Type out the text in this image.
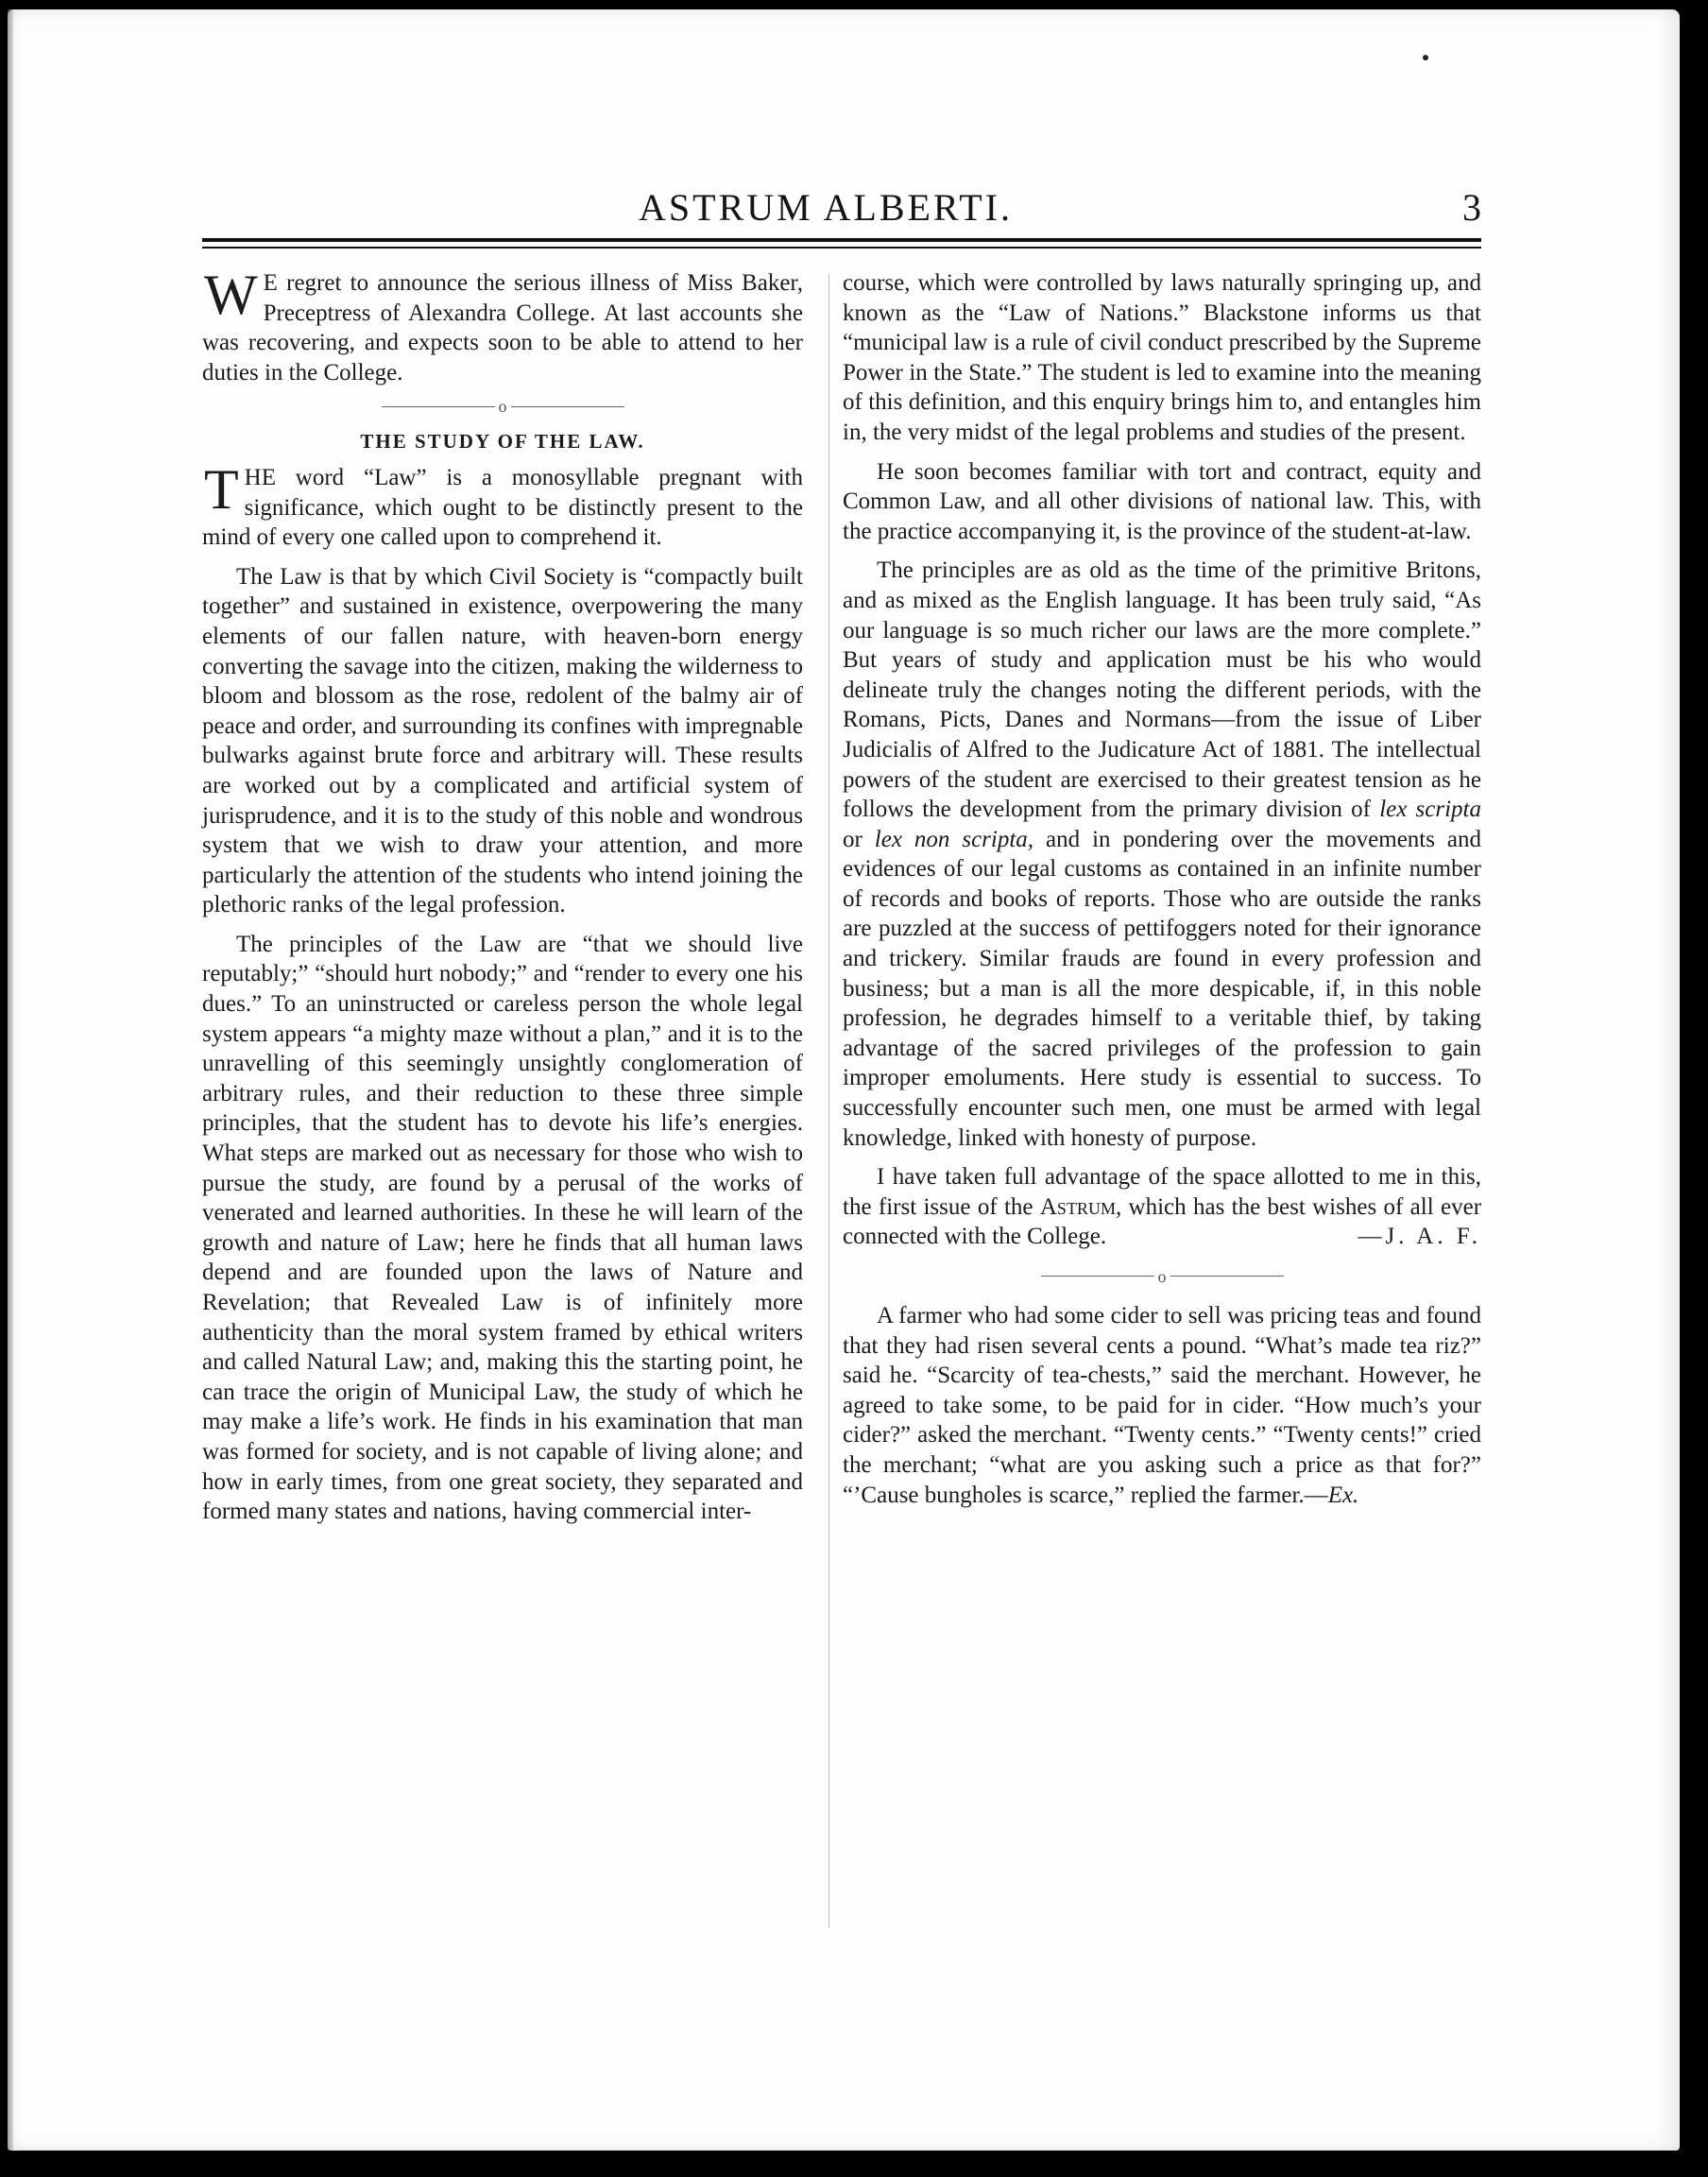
ASTRUM ALBERTI.	3

W E regret to announce the serious illness of Miss Baker, Preceptress of Alexandra College. At last accounts she was recovering, and expects soon to be able to attend to her duties in the College.

o
THE STUDY OF THE LAW.

THE word “Law” is a monosyllable pregnant with significance, which ought to be distinctly present to the mind of every one called upon to comprehend it.

The Law is that by which Civil Society is “compactly built together” and sustained in existence, overpowering the many elements of our fallen nature, with heaven-born energy converting the savage into the citizen, making the wilderness to bloom and blossom as the rose, redolent of the balmy air of peace and order, and surrounding its confines with impregnable bulwarks against brute force and arbitrary will. These results are worked out by a complicated and artificial system of jurisprudence, and it is to the study of this noble and wondrous system that we wish to draw your attention, and more particularly the attention of the students who intend joining the plethoric ranks of the legal profession.

The principles of the Law are “that we should live reputably;” “should hurt nobody;” and “render to every one his dues.” To an uninstructed or careless person the whole legal system appears “a mighty maze without a plan,” and it is to the unravelling of this seemingly unsightly conglomeration of arbitrary rules, and their reduction to these three simple principles, that the student has to devote his life’s energies. What steps are marked out as necessary for those who wish to pursue the study, are found by a perusal of the works of venerated and learned authorities. In these he will learn of the growth and nature of Law; here he finds that all human laws depend and are founded upon the laws of Nature and Revelation; that Revealed Law is of infinitely more authenticity than the moral system framed by ethical writers and called Natural Law; and, making this the starting point, he can trace the origin of Municipal Law, the study of which he may make a life’s work. He finds in his examination that man was formed for society, and is not capable of living alone; and how in early times, from one great society, they separated and formed many states and nations, having commercial inter-

course, which were controlled by laws naturally springing up, and known as the “Law of Nations.” Blackstone informs us that “municipal law is a rule of civil conduct prescribed by the Supreme Power in the State.” The student is led to examine into the meaning of this definition, and this enquiry brings him to, and entangles him in, the very midst of the legal problems and studies of the present.

He soon becomes familiar with tort and contract, equity and Common Law, and all other divisions of national law. This, with the practice accompanying it, is the province of the student-at-law.

The principles are as old as the time of the primitive Britons, and as mixed as the English language. It has been truly said, “As our language is so much richer our laws are the more complete.” But years of study and application must be his who would delineate truly the changes noting the different periods, with the Romans, Picts, Danes and Normans—from the issue of Liber Judicialis of Alfred to the Judicature Act of 1881. The intellectual powers of the student are exercised to their greatest tension as he follows the development from the primary division of lex scripta or lex non scripta, and in pondering over the movements and evidences of our legal customs as contained in an infinite number of records and books of reports. Those who are outside the ranks are puzzled at the success of pettifoggers noted for their ignorance and trickery. Similar frauds are found in every profession and business; but a man is all the more despicable, if, in this noble profession, he degrades himself to a veritable thief, by taking advantage of the sacred privileges of the profession to gain improper emoluments. Here study is essential to success. To successfully encounter such men, one must be armed with legal knowledge, linked with honesty of purpose.

I have taken full advantage of the space allotted to me in this, the first issue of the Astrum, which has the best wishes of all ever connected with the College.	—J. A. F.

o

A farmer who had some cider to sell was pricing teas and found that they had risen several cents a pound. “What’s made tea riz?” said he. “Scarcity of tea-chests,” said the merchant. However, he agreed to take some, to be paid for in cider. “How much’s your cider?” asked the merchant. “Twenty cents.” “Twenty cents!” cried the merchant; “what are you asking such a price as that for?” “’Cause bungholes is scarce,” replied the farmer.—Ex.
